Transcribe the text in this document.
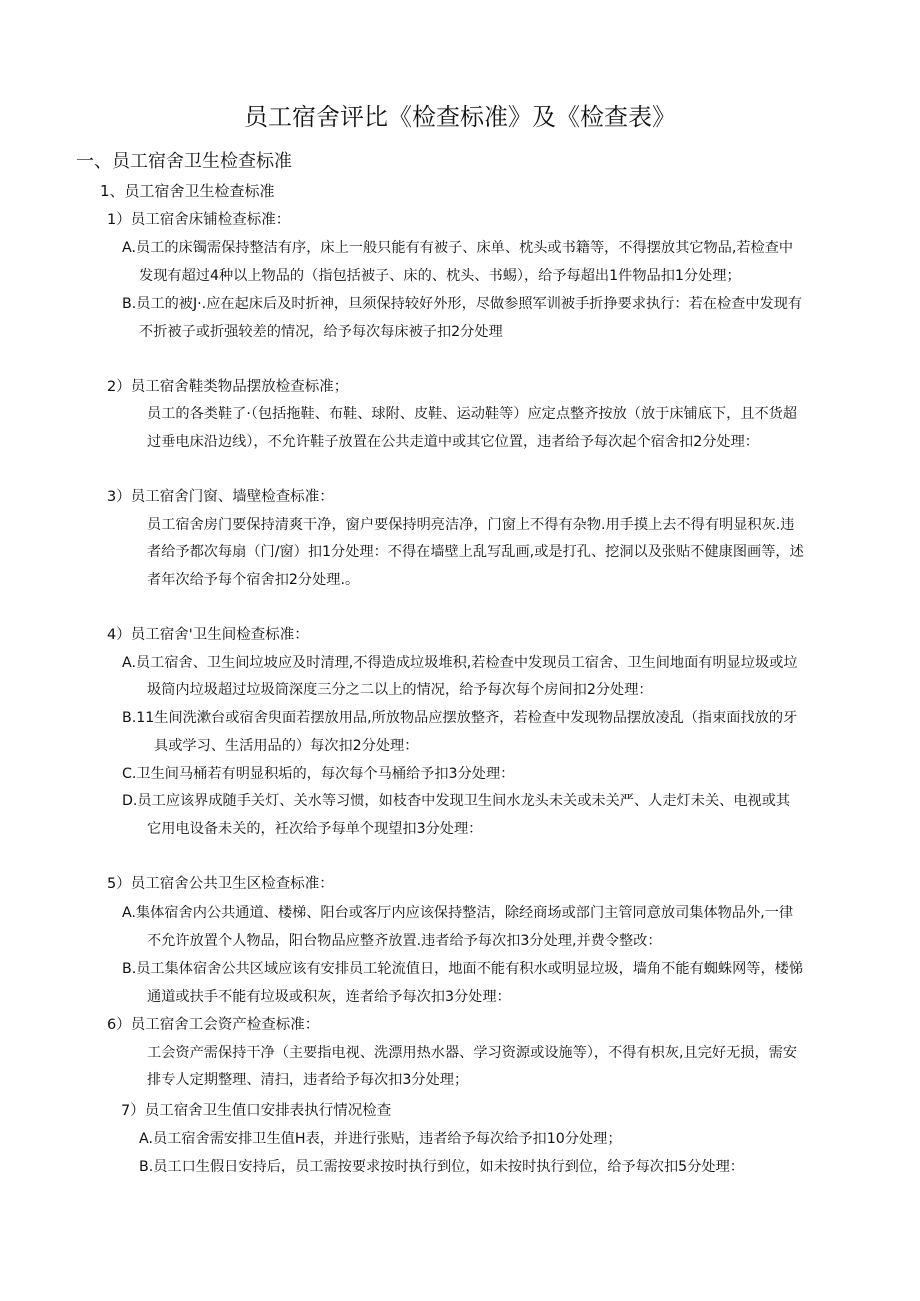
员工宿舍评比《检查标准》及《检查表》
一、员工宿舍卫生检查标准
1、员工宿舍卫生检查标准
1）员工宿舍床铺检查标准：
A.员工的床镯需保持整洁有序，床上一般只能有有被子、床单、枕头或书籍等，不得摆放其它物品,若检查中
发现有超过4种以上物品的（指包括被子、床的、枕头、书蜴），给予每超出1件物品扣1分处理；
B.员工的被J·.应在起床后及时折神，旦须保持较好外形，尽做参照军训被手折挣要求执行：若在检查中发现有
不折被子或折强较差的情况，给予每次每床被子扣2分处理
2）员工宿舍鞋类物品摆放检查标准；
员工的各类鞋了·（包括拖鞋、布鞋、球附、皮鞋、运动鞋等）应定点整齐按放（放于床铺底下，且不货超
过垂电床沿边线），不允许鞋子放置在公共走道中或其它位置，违者给予每次起个宿舍扣2分处理：
3）员工宿舍门窗、墙壁检查标准：
员工宿舍房门要保持清爽干净，窗户要保持明亮洁净，门窗上不得有杂物.用手摸上去不得有明显积灰.违
者给予都次每扇（门/窗）扣1分处理：不得在墙壁上乱写乱画,或是打孔、挖洞以及张贴不健康图画等，述
者年次给予每个宿舍扣2分处理.。
4）员工宿舍'卫生间检查标准：
A.员工宿舍、卫生间垃坡应及时清理,不得造成垃圾堆积,若检查中发现员工宿舍、卫生间地面有明显垃圾或垃
圾筒内垃圾超过垃圾筒深度三分之二以上的情况，给予每次每个房间扣2分处理：
B.11生间洗漱台或宿舍臾面若摆放用品,所放物品应摆放整齐，若检查中发现物品摆放凌乱（指束面找放的牙
具或学习、生活用品的）每次扣2分处理：
C.卫生间马桶若有明显积垢的，每次每个马桶给予扣3分处理：
D.员工应该界成随手关灯、关水等习惯，如枝杳中发现卫生间水龙头未关或未关严、人走灯未关、电视或其
它用电设备未关的，衽次给予每单个现望扣3分处理：
5）员工宿舍公共卫生区检查标准：
A.集体宿舍内公共通道、楼梯、阳台或客厅内应该保持整洁，除经商场或部门主管同意放司集体物品外,一律
不允许放置个人物品，阳台物品应整齐放置.违者给予每次扣3分处理,并费令整改：
B.员工集体宿舍公共区域应该有安排员工轮流值日，地面不能有积水或明显垃圾，墙角不能有蜘蛛网等，楼悌
通道或扶手不能有垃圾或积灰，连者给予每次扣3分处理：
6）员工宿舍工会资产检查标准：
工会资产需保持干净（主要指电视、洗漂用热水器、学习资源或设施等），不得有枳灰,且完好无损，需安
排专人定期整理、清扫，违者给予每次扣3分处理；
7）员工宿舍卫生值口安排表执行情况检查
A.员工宿舍需安排卫生值H表，并进行张贴，违者给予每次给予扣10分处理；
B.员工口生假日安持后，员工需按要求按时执行到位，如未按时执行到位，给予每次扣5分处理：
